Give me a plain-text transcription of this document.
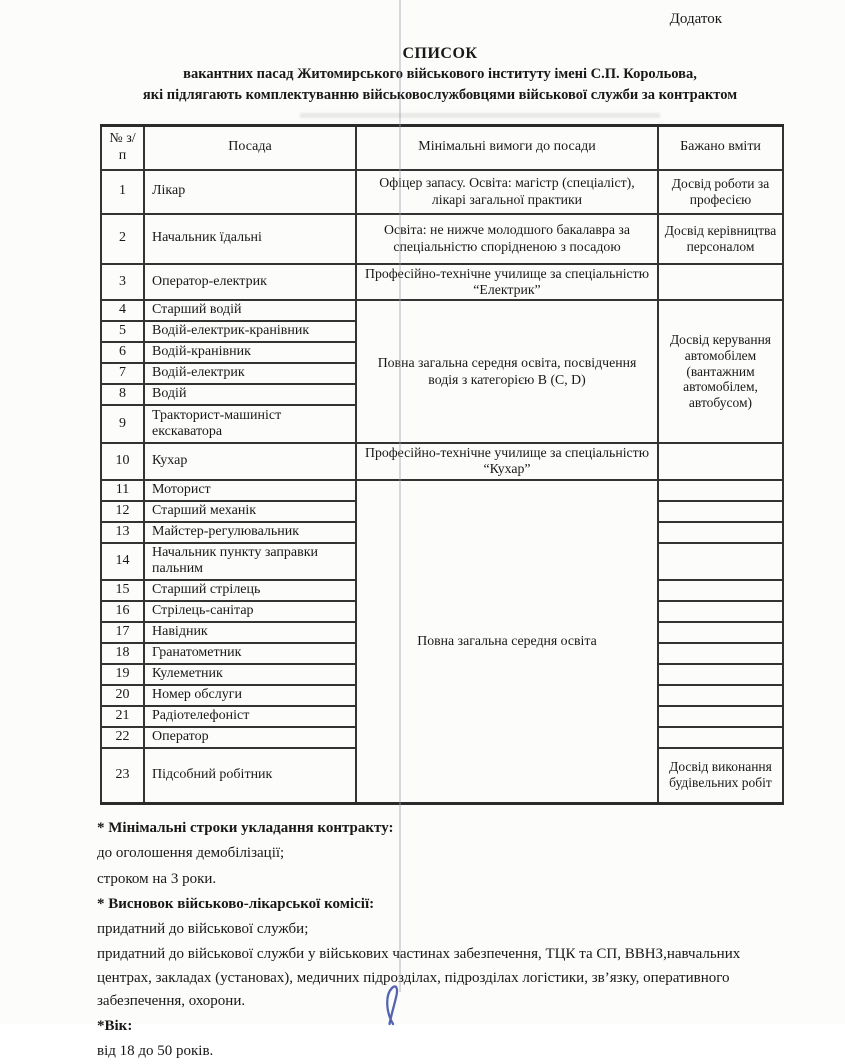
Додаток
СПИСОК
вакантних пасад Житомирського військового інституту імені С.П. Корольова,
які підлягають комплектуванню військовослужбовцями військової служби за контрактом
№ з/п	Посада	Мінімальні вимоги до посади	Бажано вміти
1	Лікар	Офіцер запасу. Освіта: магістр (спеціаліст), лікарі загальної практики	Досвід роботи за професією
2	Начальник їдальні	Освіта: не нижче молодшого бакалавра за спеціальністю спорідненою з посадою	Досвід керівництва персоналом
3	Оператор-електрик	Професійно-технічне училище за спеціальністю “Електрик”	
4	Старший водій	Повна загальна середня освіта, посвідчення водія з категорією В (С, D)	Досвід керування автомобілем (вантажним автомобілем, автобусом)
5	Водій-електрик-кранівник		
6	Водій-кранівник		
7	Водій-електрик		
8	Водій		
9	Тракторист-машиніст екскаватора		
10	Кухар	Професійно-технічне училище за спеціальністю “Кухар”	
11	Моторист	Повна загальна середня освіта	
12	Старший механік		
13	Майстер-регулювальник		
14	Начальник пункту заправки пальним		
15	Старший стрілець		
16	Стрілець-санітар		
17	Навідник		
18	Гранатометник		
19	Кулеметник		
20	Номер обслуги		
21	Радіотелефоніст		
22	Оператор		
23	Підсобний робітник		Досвід виконання будівельних робіт

* Мінімальні строки укладання контракту:

до оголошення демобілізації;

строком на 3 роки.

* Висновок військово-лікарської комісії:

придатний до військової служби;

придатний до військової служби у військових частинах забезпечення, ТЦК та СП, ВВНЗ,навчальних центрах, закладах (установах), медичних підрозділах, підрозділах логістики, зв’язку, оперативного забезпечення, охорони.

*Вік:

від 18 до 50 років.
